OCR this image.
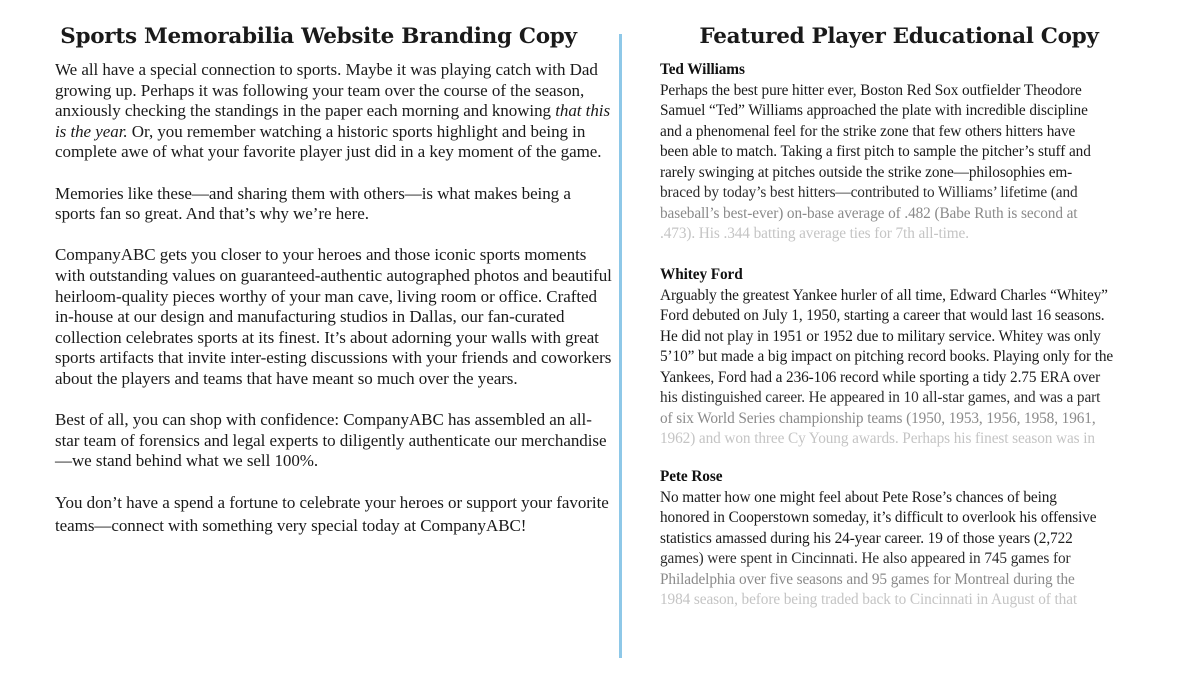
Sports Memorabilia Website Branding Copy

We all have a special connection to sports. Maybe it was playing catch with Dad growing up. Perhaps it was following your team over the course of the season, anxiously checking the standings in the paper each morning and knowing that this is the year. Or, you remember watching a historic sports highlight and being in complete awe of what your favorite player just did in a key moment of the game.

Memories like these—and sharing them with others—is what makes being a sports fan so great. And that’s why we’re here.

CompanyABC gets you closer to your heroes and those iconic sports moments with outstanding values on guaranteed-authentic autographed photos and beautiful heirloom-quality pieces worthy of your man cave, living room or office. Crafted in-house at our design and manufacturing studios in Dallas, our fan-curated collection celebrates sports at its finest. It’s about adorning your walls with great sports artifacts that invite inter-esting discussions with your friends and coworkers about the players and teams that have meant so much over the years.

Best of all, you can shop with confidence: CompanyABC has assembled an all-star team of forensics and legal experts to diligently authenticate our merchandise—we stand behind what we sell 100%.

You don’t have a spend a fortune to celebrate your heroes or support your favorite teams—connect with something very special today at CompanyABC!

Featured Player Educational Copy
Ted Williams
Perhaps the best pure hitter ever, Boston Red Sox outfielder Theodore
Samuel “Ted” Williams approached the plate with incredible discipline
and a phenomenal feel for the strike zone that few others hitters have
been able to match. Taking a first pitch to sample the pitcher’s stuff and
rarely swinging at pitches outside the strike zone—philosophies em-
braced by today’s best hitters—contributed to Williams’ lifetime (and
baseball’s best-ever) on-base average of .482 (Babe Ruth is second at
.473). His .344 batting average ties for 7th all-time.
Whitey Ford
Arguably the greatest Yankee hurler of all time, Edward Charles “Whitey”
Ford debuted on July 1, 1950, starting a career that would last 16 seasons.
He did not play in 1951 or 1952 due to military service. Whitey was only
5’10” but made a big impact on pitching record books. Playing only for the
Yankees, Ford had a 236-106 record while sporting a tidy 2.75 ERA over
his distinguished career. He appeared in 10 all-star games, and was a part
of six World Series championship teams (1950, 1953, 1956, 1958, 1961,
1962) and won three Cy Young awards. Perhaps his finest season was in
Pete Rose
No matter how one might feel about Pete Rose’s chances of being
honored in Cooperstown someday, it’s difficult to overlook his offensive
statistics amassed during his 24-year career. 19 of those years (2,722
games) were spent in Cincinnati. He also appeared in 745 games for
Philadelphia over five seasons and 95 games for Montreal during the
1984 season, before being traded back to Cincinnati in August of that
